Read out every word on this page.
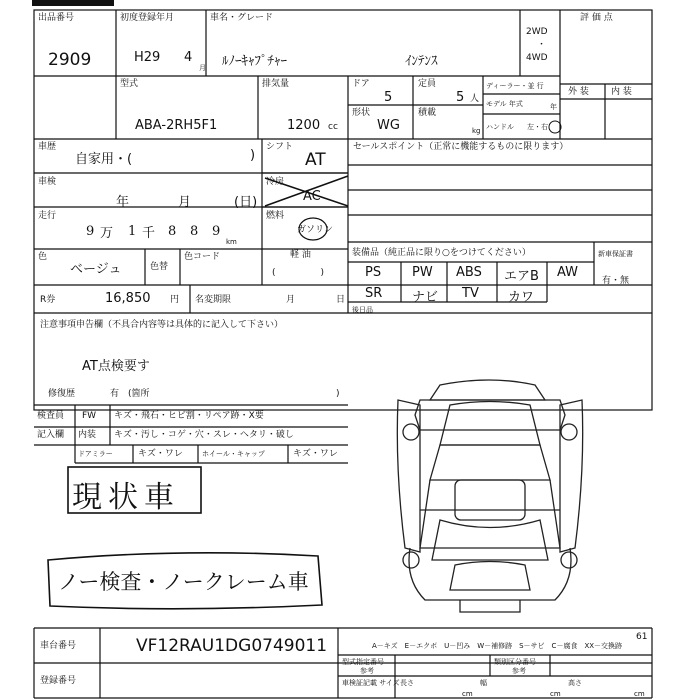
出品番号
2909
初度登録年月
H29 4
月
車名・グレード
ﾙﾉｰｷｬﾌﾟﾁｬｰ	ｲﾝﾃﾝｽ
2WD
・
4WD
評 価 点
型式
ABA-2RH5F1
排気量
1200 cc
ドア
5
定員
5 人
形状
WG
積載
kg
ディーラー・並 行
モデル 年式	年
ハンドル 左・右
外 装 内 装
車歴
自家用・(	)
シフト
AT
セールスポイント（正常に機能するものに限ります）
車検
年	月	(日)
冷房
AC
走行
9 万 1 千 8 8 9
km
燃料
ガソリン
軽 油
(　　　　　)
色
ベージュ	色替
色コード	装備品（純正品に限り○をつけてください）	新車保証書
有・無
PS PW ABS エアB AW
SR ナビ TV カワ
後日品
R券	16,850 円 名変期限	月	日
注意事項申告欄（不具合内容等は具体的に記入して下さい）
AT点検要す
修復歴	有　(箇所	)
検査員
記入欄
FW キズ・飛石・ヒビ割・リペア跡・X要
内装 キズ・汚し・コゲ・穴・スレ・ヘタリ・破し
ドアミラー	キズ・ワレ	ホイール・キャップ	キズ・ワレ
現状車
ノー検査・ノークレーム車
車台番号	VF12RAU1DG0749011
登録番号
A－キズ　E－エクボ　U－凹み　W－補修跡　S－サビ　C－腐食　XX－交換跡
61
型式指定番号
参考
類別区分番号
参考
車検証記載 サイズ 長さ
cm
幅
cm
高さ
cm
